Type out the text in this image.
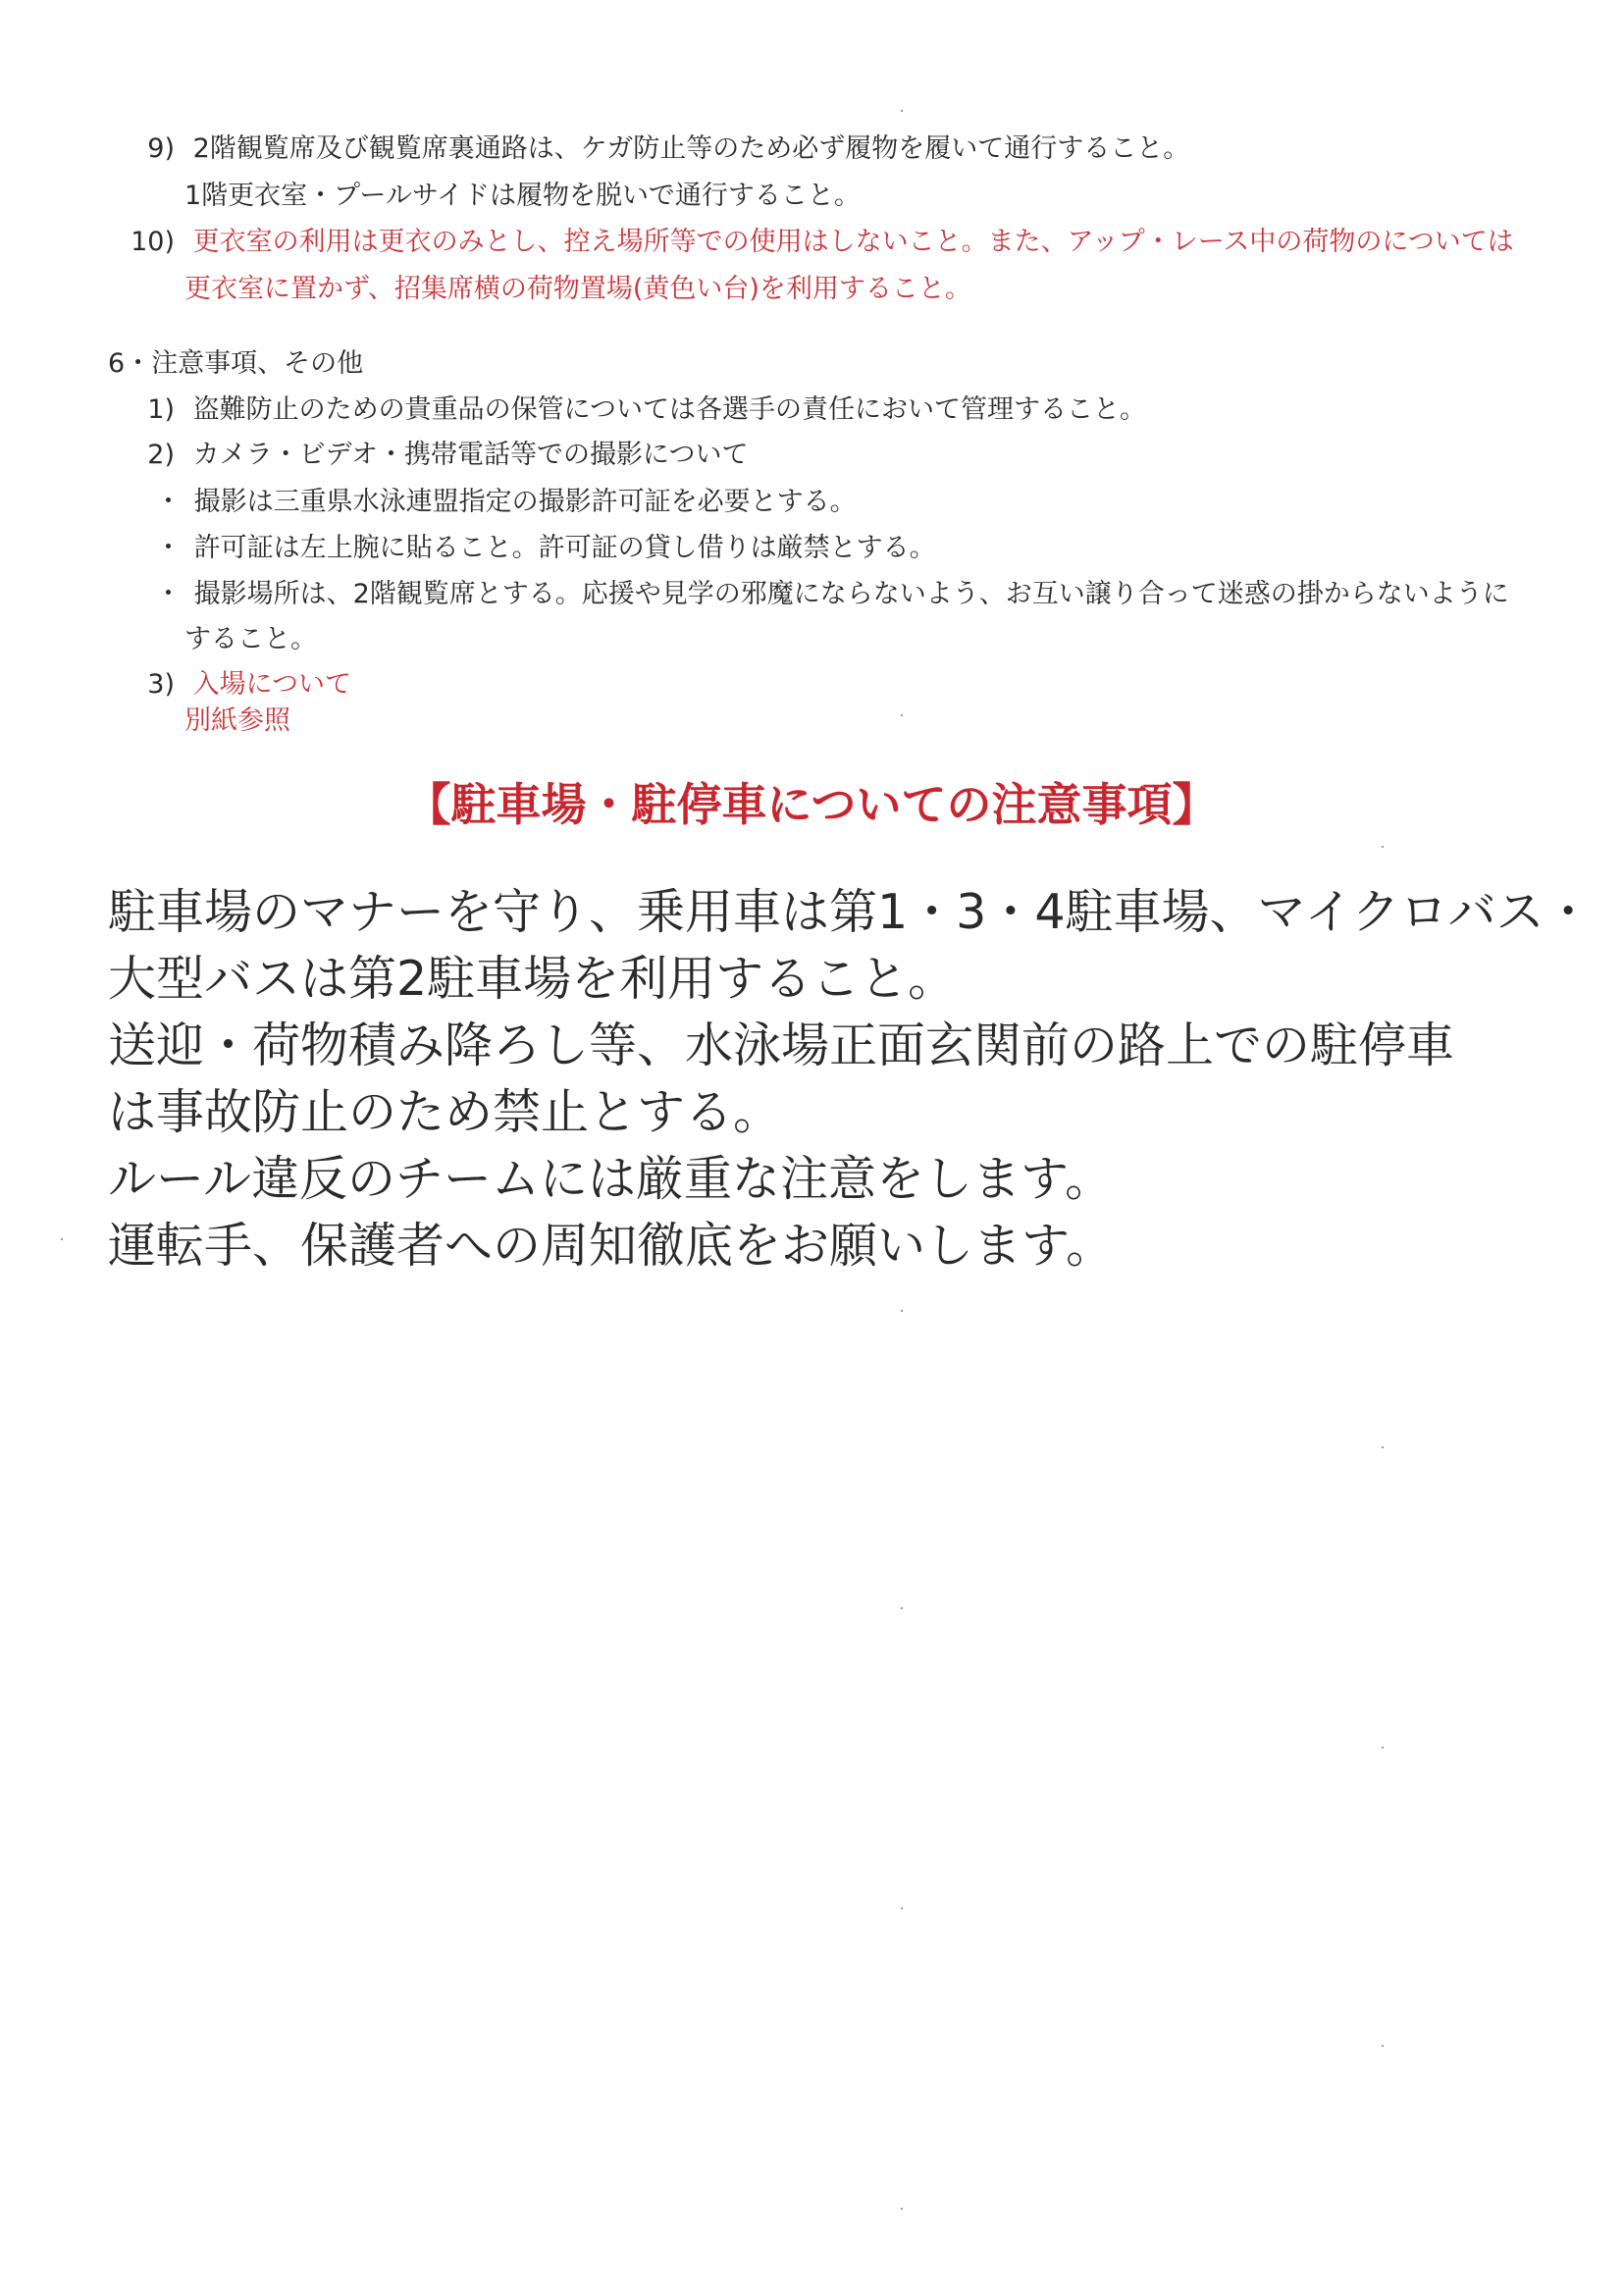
9) 2階観覧席及び観覧席裏通路は、ケガ防止等のため必ず履物を履いて通行すること。
1階更衣室・プールサイドは履物を脱いで通行すること。
10) 更衣室の利用は更衣のみとし、控え場所等での使用はしないこと。また、アップ・レース中の荷物のについては
更衣室に置かず、招集席横の荷物置場(黄色い台)を利用すること。
6・注意事項、その他
1) 盗難防止のための貴重品の保管については各選手の責任において管理すること。
2) カメラ・ビデオ・携帯電話等での撮影について
・ 撮影は三重県水泳連盟指定の撮影許可証を必要とする。
・ 許可証は左上腕に貼ること。許可証の貸し借りは厳禁とする。
・ 撮影場所は、2階観覧席とする。応援や見学の邪魔にならないよう、お互い譲り合って迷惑の掛からないように
すること。
3) 入場について
別紙参照
【駐車場・駐停車についての注意事項】
駐車場のマナーを守り、乗用車は第1・3・4駐車場、マイクロバス・
大型バスは第2駐車場を利用すること。
送迎・荷物積み降ろし等、水泳場正面玄関前の路上での駐停車
は事故防止のため禁止とする。
ルール違反のチームには厳重な注意をします。
運転手、保護者への周知徹底をお願いします。
